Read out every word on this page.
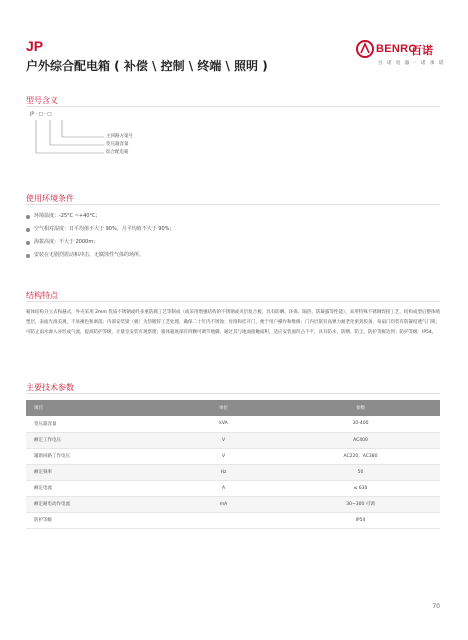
JP
户外综合配电箱 ( 补偿 \ 控制 \ 终端 \ 照明 )
BENRO
百诺
百 诺 电 器 一 诺 承 诺
型号含义
JP - □ - □
主回路方案号
变压器容量
综合配电箱
使用环境条件
环境温度：-25°C ~+40°C；
空气相对湿度：日平均值不大于 90%，月平均值不大于 90%；
海拔高度：不大于 2000m；
安装在无剧烈震动和冲击、无腐蚀性气体的场所。
结构特点

箱体结构分立式和悬式，外壳采用 2mm 优质不锈钢或经多重防腐工艺等制成（或采用增强结构的不锈钢或夹层复合板，具有防晒、环保、隔热、防凝露等性能），采用特殊不锈钢焊接工艺，结构成型后整体喷塑层，表面光滑美观，不易褪色和剥落；内部安装梁（板）为热镀锌工艺处理，确保二十年内不锈蚀；母排和挂开门，便于用户操作和维修；门内层嵌有高弹力耐老化密封胶条，每扇门均装有防凝结透气门锁，可防止雨水渗入并形成气流，提高防护等级，计量室安装有观察窗；箱体箱底部有四颗可调节地脚，通过其与地面接触面积，适应安装面凹凸不平，具有防水、防晒、防尘、防护等级达到；防护等级：IP54。

主要技术参数
项目	单位	参数
变压器容量	kVA	30-400
额定工作电压	V	AC400
辅助回路工作电压	V	AC220，AC380
额定频率	Hz	50
额定电流	A	≤ 630
额定耐电动作电流	mA	30~300 可调
防护等级		IP54
70
